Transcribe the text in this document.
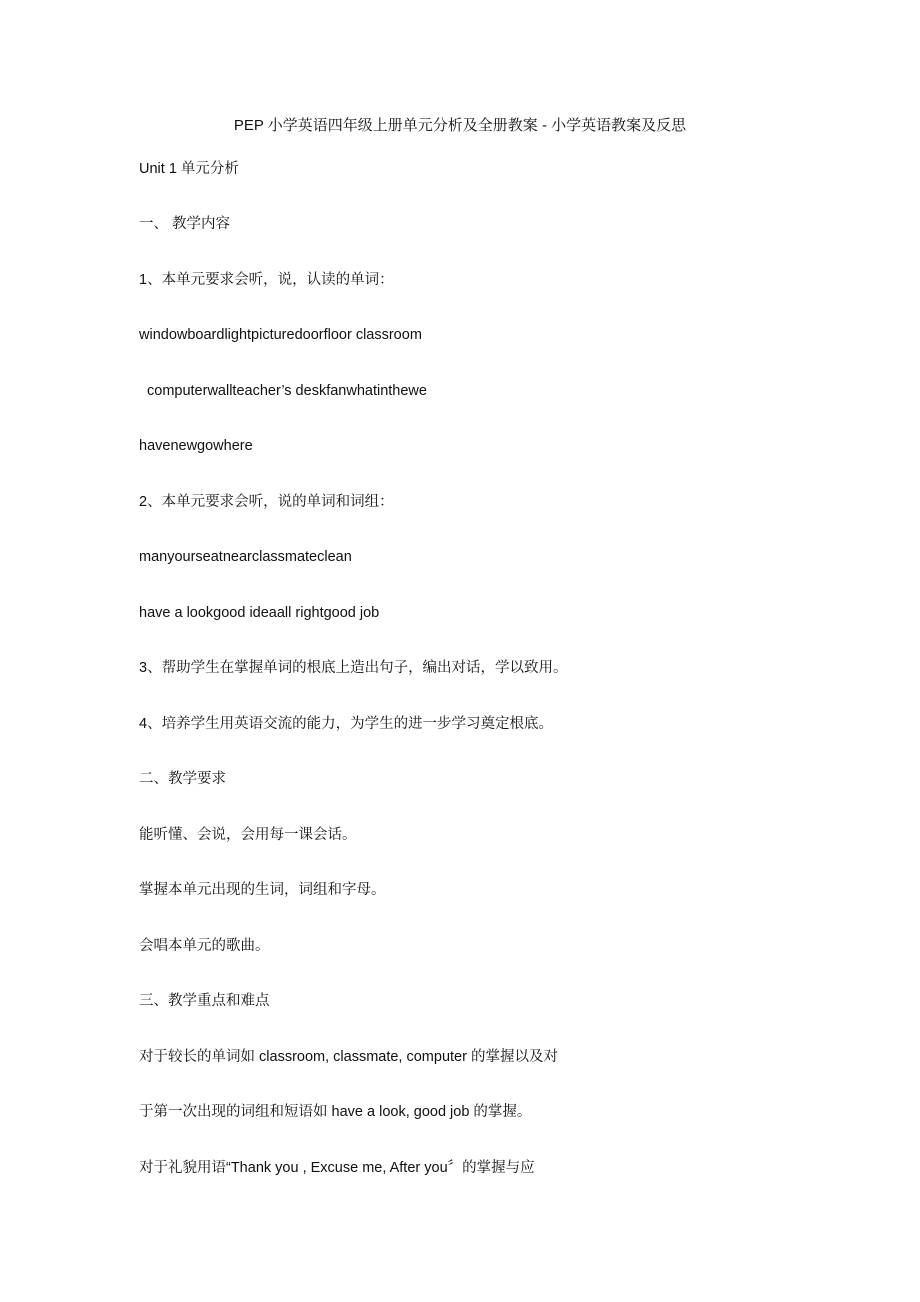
PEP 小学英语四年级上册单元分析及全册教案 - 小学英语教案及反思
Unit 1 单元分析
一、 教学内容
1、本单元要求会听，说，认读的单词：
windowboardlightpicturedoorfloor classroom
computerwallteacher’s deskfanwhatinthewe
havenewgowhere
2、本单元要求会听，说的单词和词组：
manyourseatnearclassmateclean
have a lookgood ideaall rightgood job
3、帮助学生在掌握单词的根底上造出句子，编出对话，学以致用。
4、培养学生用英语交流的能力，为学生的进一步学习奠定根底。
二、教学要求
能听懂、会说，会用每一课会话。
掌握本单元出现的生词，词组和字母。
会唱本单元的歌曲。
三、教学重点和难点
对于较长的单词如 classroom, classmate, computer 的掌握以及对
于第一次出现的词组和短语如 have a look, good job 的掌握。
对于礼貌用语“Thank you , Excuse me, After you〞的掌握与应
